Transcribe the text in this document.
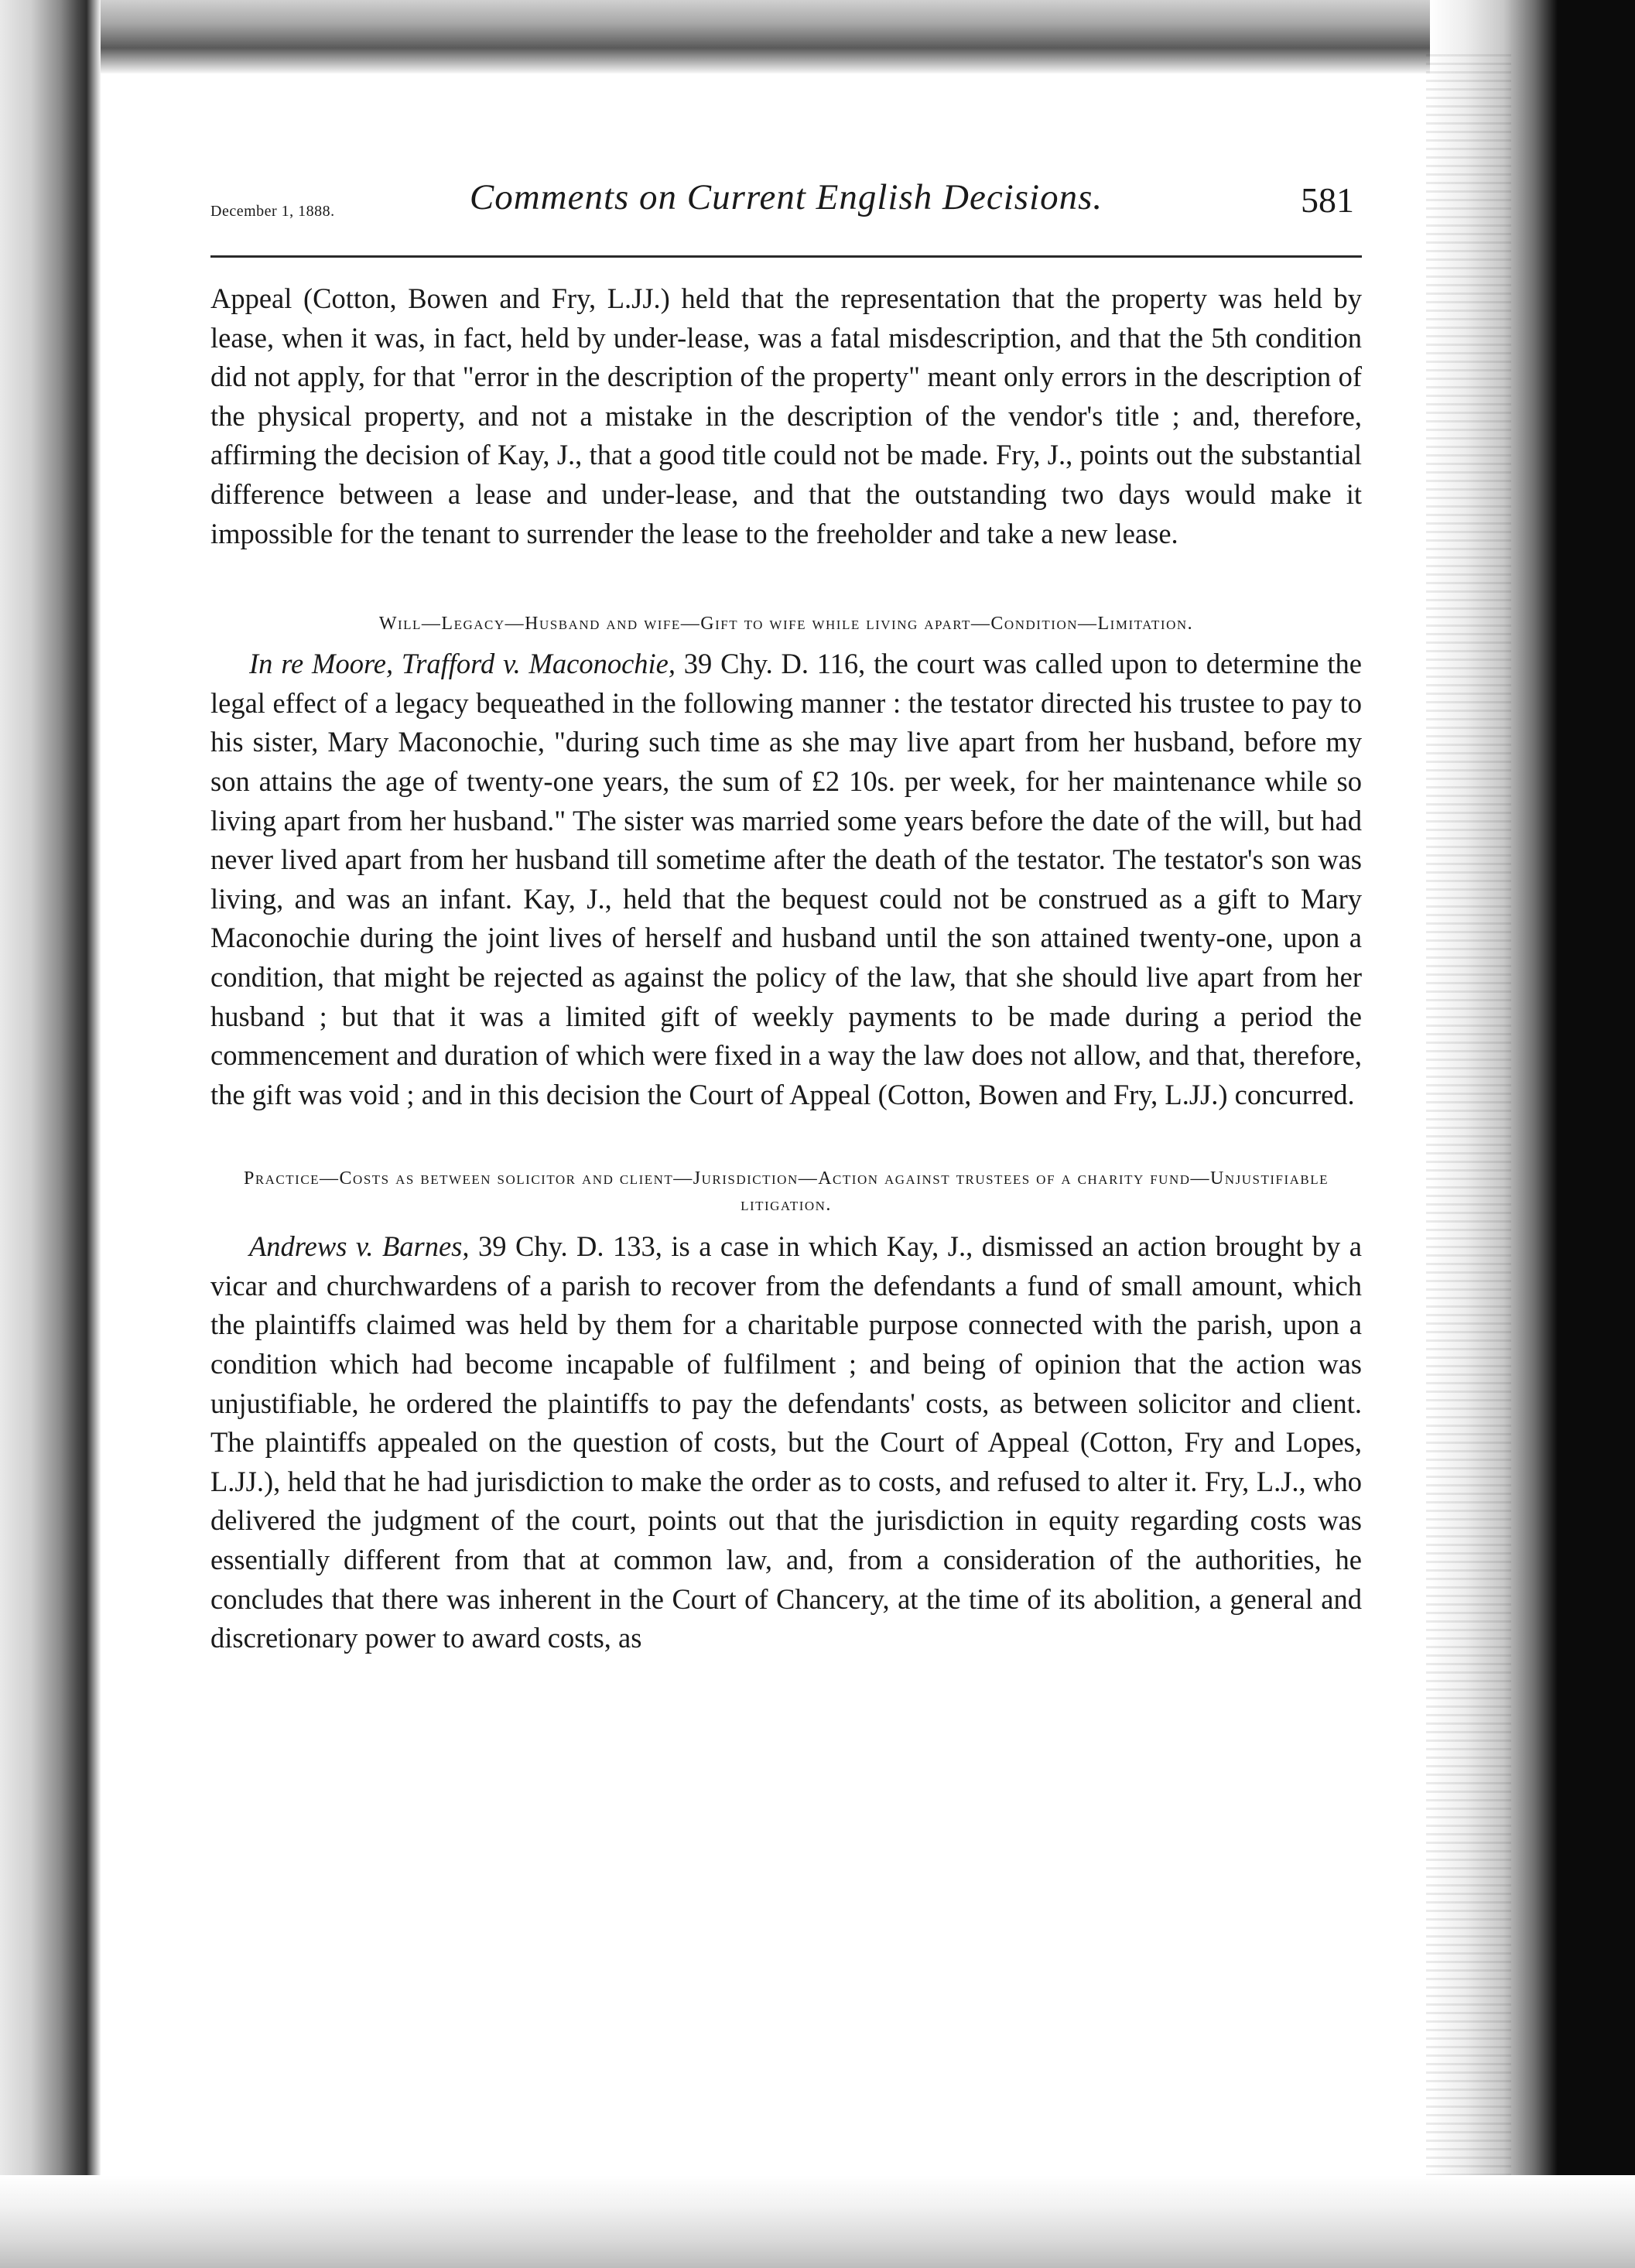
December 1, 1888.	Comments on Current English Decisions.	581

Appeal (Cotton, Bowen and Fry, L.JJ.) held that the representation that the property was held by lease, when it was, in fact, held by under-lease, was a fatal misdescription, and that the 5th condition did not apply, for that "error in the description of the property" meant only errors in the description of the physical property, and not a mistake in the description of the vendor's title ; and, therefore, affirming the decision of Kay, J., that a good title could not be made. Fry, J., points out the substantial difference between a lease and under-lease, and that the outstanding two days would make it impossible for the tenant to surrender the lease to the freeholder and take a new lease.

Will—Legacy—Husband and wife—Gift to wife while living apart—Condition—Limitation.

In re Moore, Trafford v. Maconochie, 39 Chy. D. 116, the court was called upon to determine the legal effect of a legacy bequeathed in the following manner : the testator directed his trustee to pay to his sister, Mary Maconochie, "during such time as she may live apart from her husband, before my son attains the age of twenty-one years, the sum of £2 10s. per week, for her maintenance while so living apart from her husband." The sister was married some years before the date of the will, but had never lived apart from her husband till sometime after the death of the testator. The testator's son was living, and was an infant. Kay, J., held that the bequest could not be construed as a gift to Mary Maconochie during the joint lives of herself and husband until the son attained twenty-one, upon a condition, that might be rejected as against the policy of the law, that she should live apart from her husband ; but that it was a limited gift of weekly payments to be made during a period the commencement and duration of which were fixed in a way the law does not allow, and that, therefore, the gift was void ; and in this decision the Court of Appeal (Cotton, Bowen and Fry, L.JJ.) concurred.

Practice—Costs as between solicitor and client—Jurisdiction—Action against trustees of a charity fund—Unjustifiable litigation.

Andrews v. Barnes, 39 Chy. D. 133, is a case in which Kay, J., dismissed an action brought by a vicar and churchwardens of a parish to recover from the defendants a fund of small amount, which the plaintiffs claimed was held by them for a charitable purpose connected with the parish, upon a condition which had become incapable of fulfilment ; and being of opinion that the action was unjustifiable, he ordered the plaintiffs to pay the defendants' costs, as between solicitor and client. The plaintiffs appealed on the question of costs, but the Court of Appeal (Cotton, Fry and Lopes, L.JJ.), held that he had jurisdiction to make the order as to costs, and refused to alter it. Fry, L.J., who delivered the judgment of the court, points out that the jurisdiction in equity regarding costs was essentially different from that at common law, and, from a consideration of the authorities, he concludes that there was inherent in the Court of Chancery, at the time of its abolition, a general and discretionary power to award costs, as
